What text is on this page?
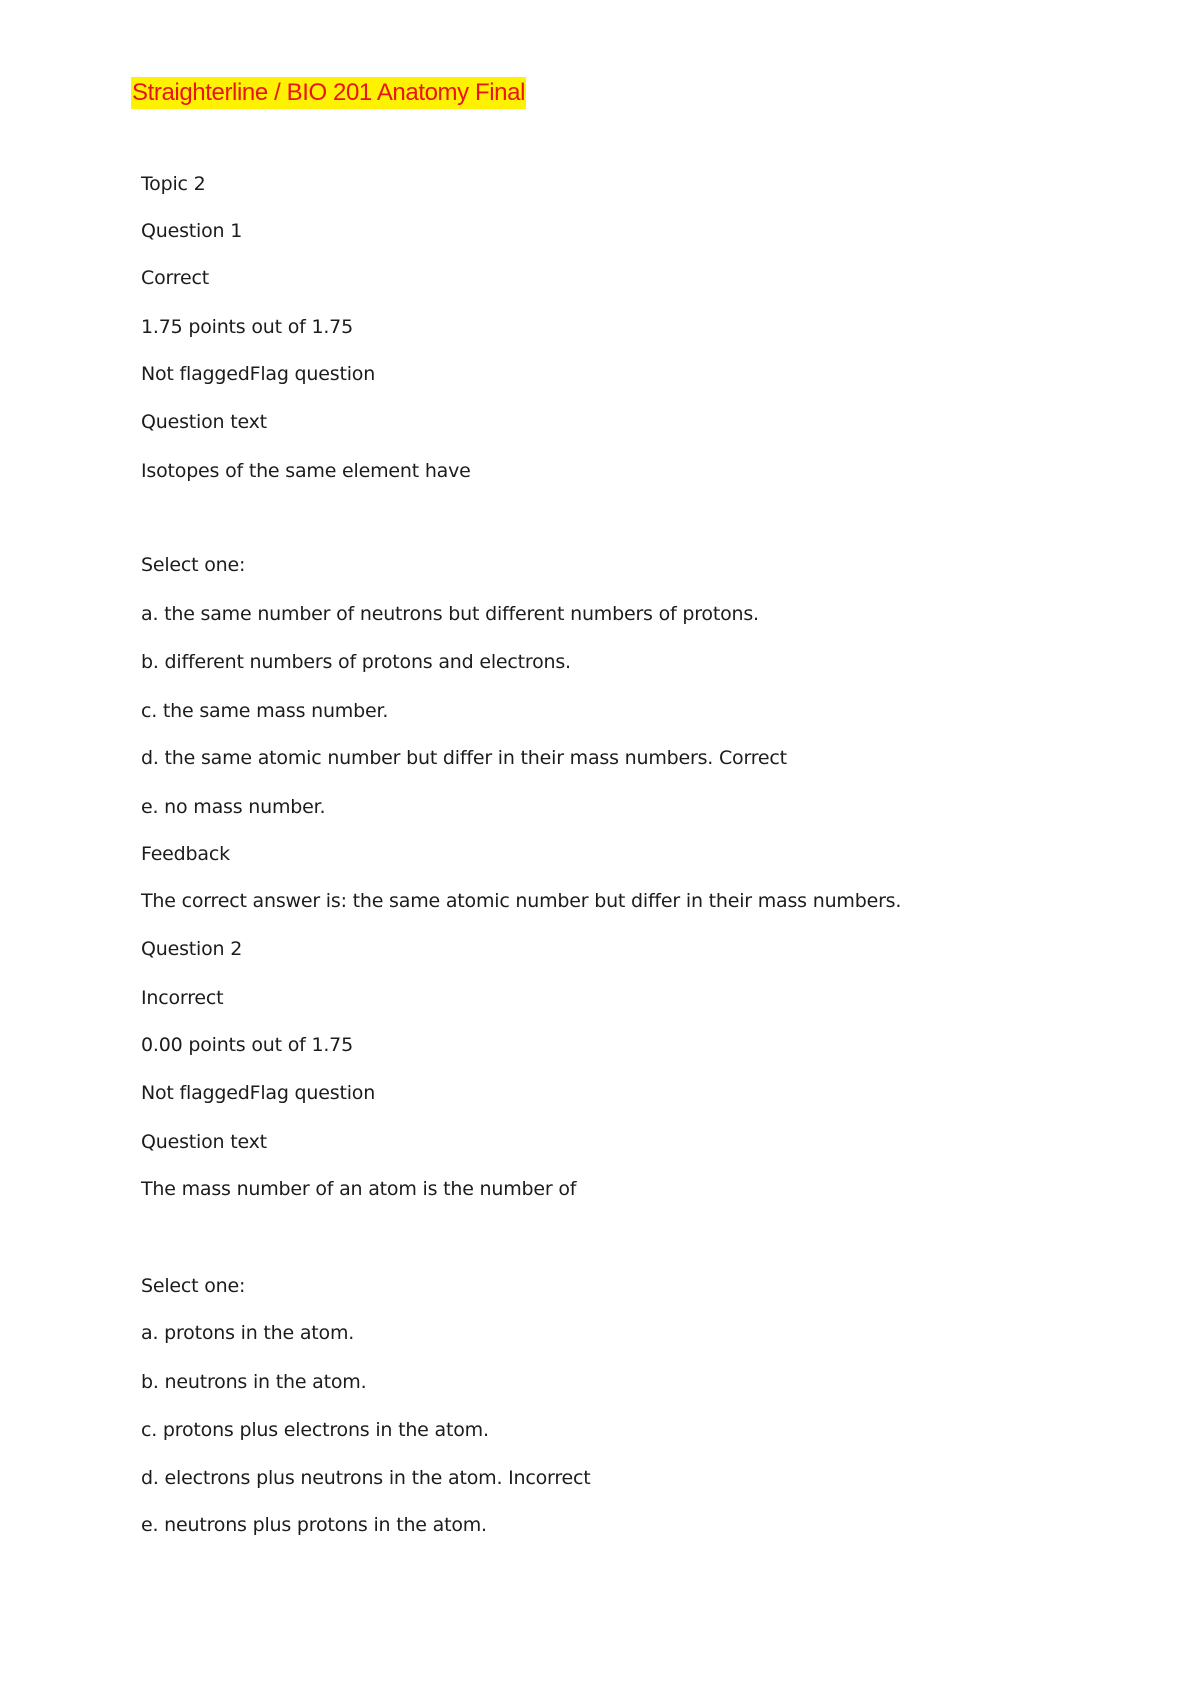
Straighterline / BIO 201 Anatomy Final
Topic 2
Question 1
Correct
1.75 points out of 1.75
Not flaggedFlag question
Question text
Isotopes of the same element have
Select one:
a. the same number of neutrons but different numbers of protons.
b. different numbers of protons and electrons.
c. the same mass number.
d. the same atomic number but differ in their mass numbers. Correct
e. no mass number.
Feedback
The correct answer is: the same atomic number but differ in their mass numbers.
Question 2
Incorrect
0.00 points out of 1.75
Not flaggedFlag question
Question text
The mass number of an atom is the number of
Select one:
a. protons in the atom.
b. neutrons in the atom.
c. protons plus electrons in the atom.
d. electrons plus neutrons in the atom. Incorrect
e. neutrons plus protons in the atom.
